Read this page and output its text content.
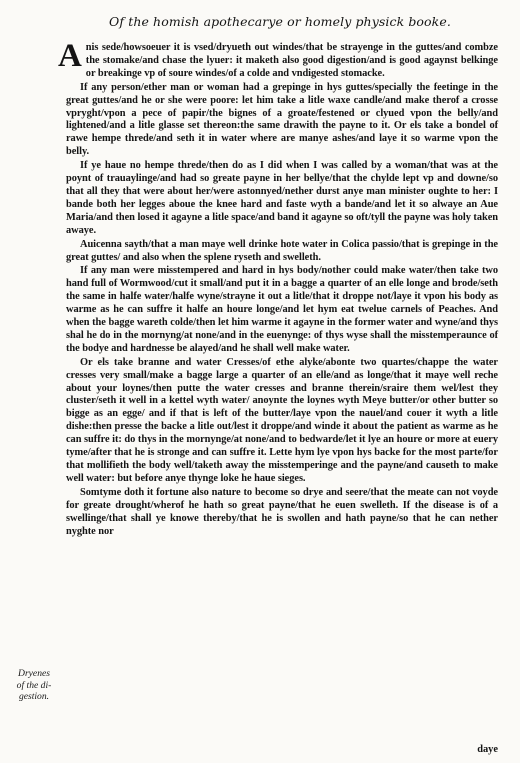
Of the homish apothecarye or homely physick booke.

Anis sede/howsoeuer it is vsed/dryueth out windes/that be strayenge in the guttes/and combze the stomake/and chase the lyuer: it maketh also good digestion/and is good agaynst belkinge or breakinge vp of soure windes/of a colde and vndigested stomacke.

If any person/ether man or woman had a grepinge in hys guttes/specially the feetinge in the great guttes/and he or she were poore: let him take a litle waxe candle/and make therof a crosse vpryght/vpon a pece of papir/the bignes of a groate/festened or clyued vpon the belly/and lightened/and a litle glasse set thereon:the same drawith the payne to it. Or els take a bondel of rawe hempe threde/and seth it in water where are manye ashes/and laye it so warme vpon the belly.

If ye haue no hempe threde/then do as I did when I was called by a woman/that was at the poynt of trauaylinge/and had so greate payne in her bellye/that the chylde lept vp and downe/so that all they that were about her/were astonnyed/nether durst anye man minister oughte to her: I bande both her legges aboue the knee hard and faste wyth a bande/and let it so alwaye an Aue Maria/and then losed it agayne a litle space/and band it agayne so oft/tyll the payne was holy taken awaye.

Auicenna sayth/that a man maye well drinke hote water in Colica passio/that is grepinge in the great guttes/ and also when the splene ryseth and swelleth.

If any man were misstempered and hard in hys body/nother could make water/then take two hand full of Wormwood/cut it small/and put it in a bagge a quarter of an elle longe and brode/seth the same in halfe water/halfe wyne/strayne it out a litle/that it droppe not/laye it vpon his body as warme as he can suffre it halfe an houre longe/and let hym eat twelue carnels of Peaches. And when the bagge wareth colde/then let him warme it agayne in the former water and wyne/and thys shal he do in the mornyng/at none/and in the euenynge: of thys wyse shall the misstemperaunce of the bodye and hardnesse be alayed/and he shall well make water.

Or els take branne and water Cresses/of ethe alyke/abonte two quartes/chappe the water cresses very small/make a bagge large a quarter of an elle/and as longe/that it maye well reche about your loynes/then putte the water cresses and branne therein/sraire them wel/lest they cluster/seth it well in a kettel wyth water/ anoynte the loynes wyth Meye butter/or other butter so bigge as an egge/ and if that is left of the butter/laye vpon the nauel/and couer it wyth a litle dishe:then presse the backe a litle out/lest it droppe/and winde it about the patient as warme as he can suffre it: do thys in the mornynge/at none/and to bedwarde/let it lye an houre or more at euery tyme/after that he is stronge and can suffre it. Lette hym lye vpon hys backe for the most parte/for that mollifieth the body well/taketh away the misstemperinge and the payne/and causeth to make well water: but before anye thynge loke he haue sieges.

Somtyme doth it fortune also nature to become so drye and seere/that the meate can not voyde for greate drought/wherof he hath so great payne/that he euen swelleth. If the disease is of a swellinge/that shall ye knowe thereby/that he is swollen and hath payne/so that he can nether nyghte nor

Dryenes
of the di-
gestion.
daye
